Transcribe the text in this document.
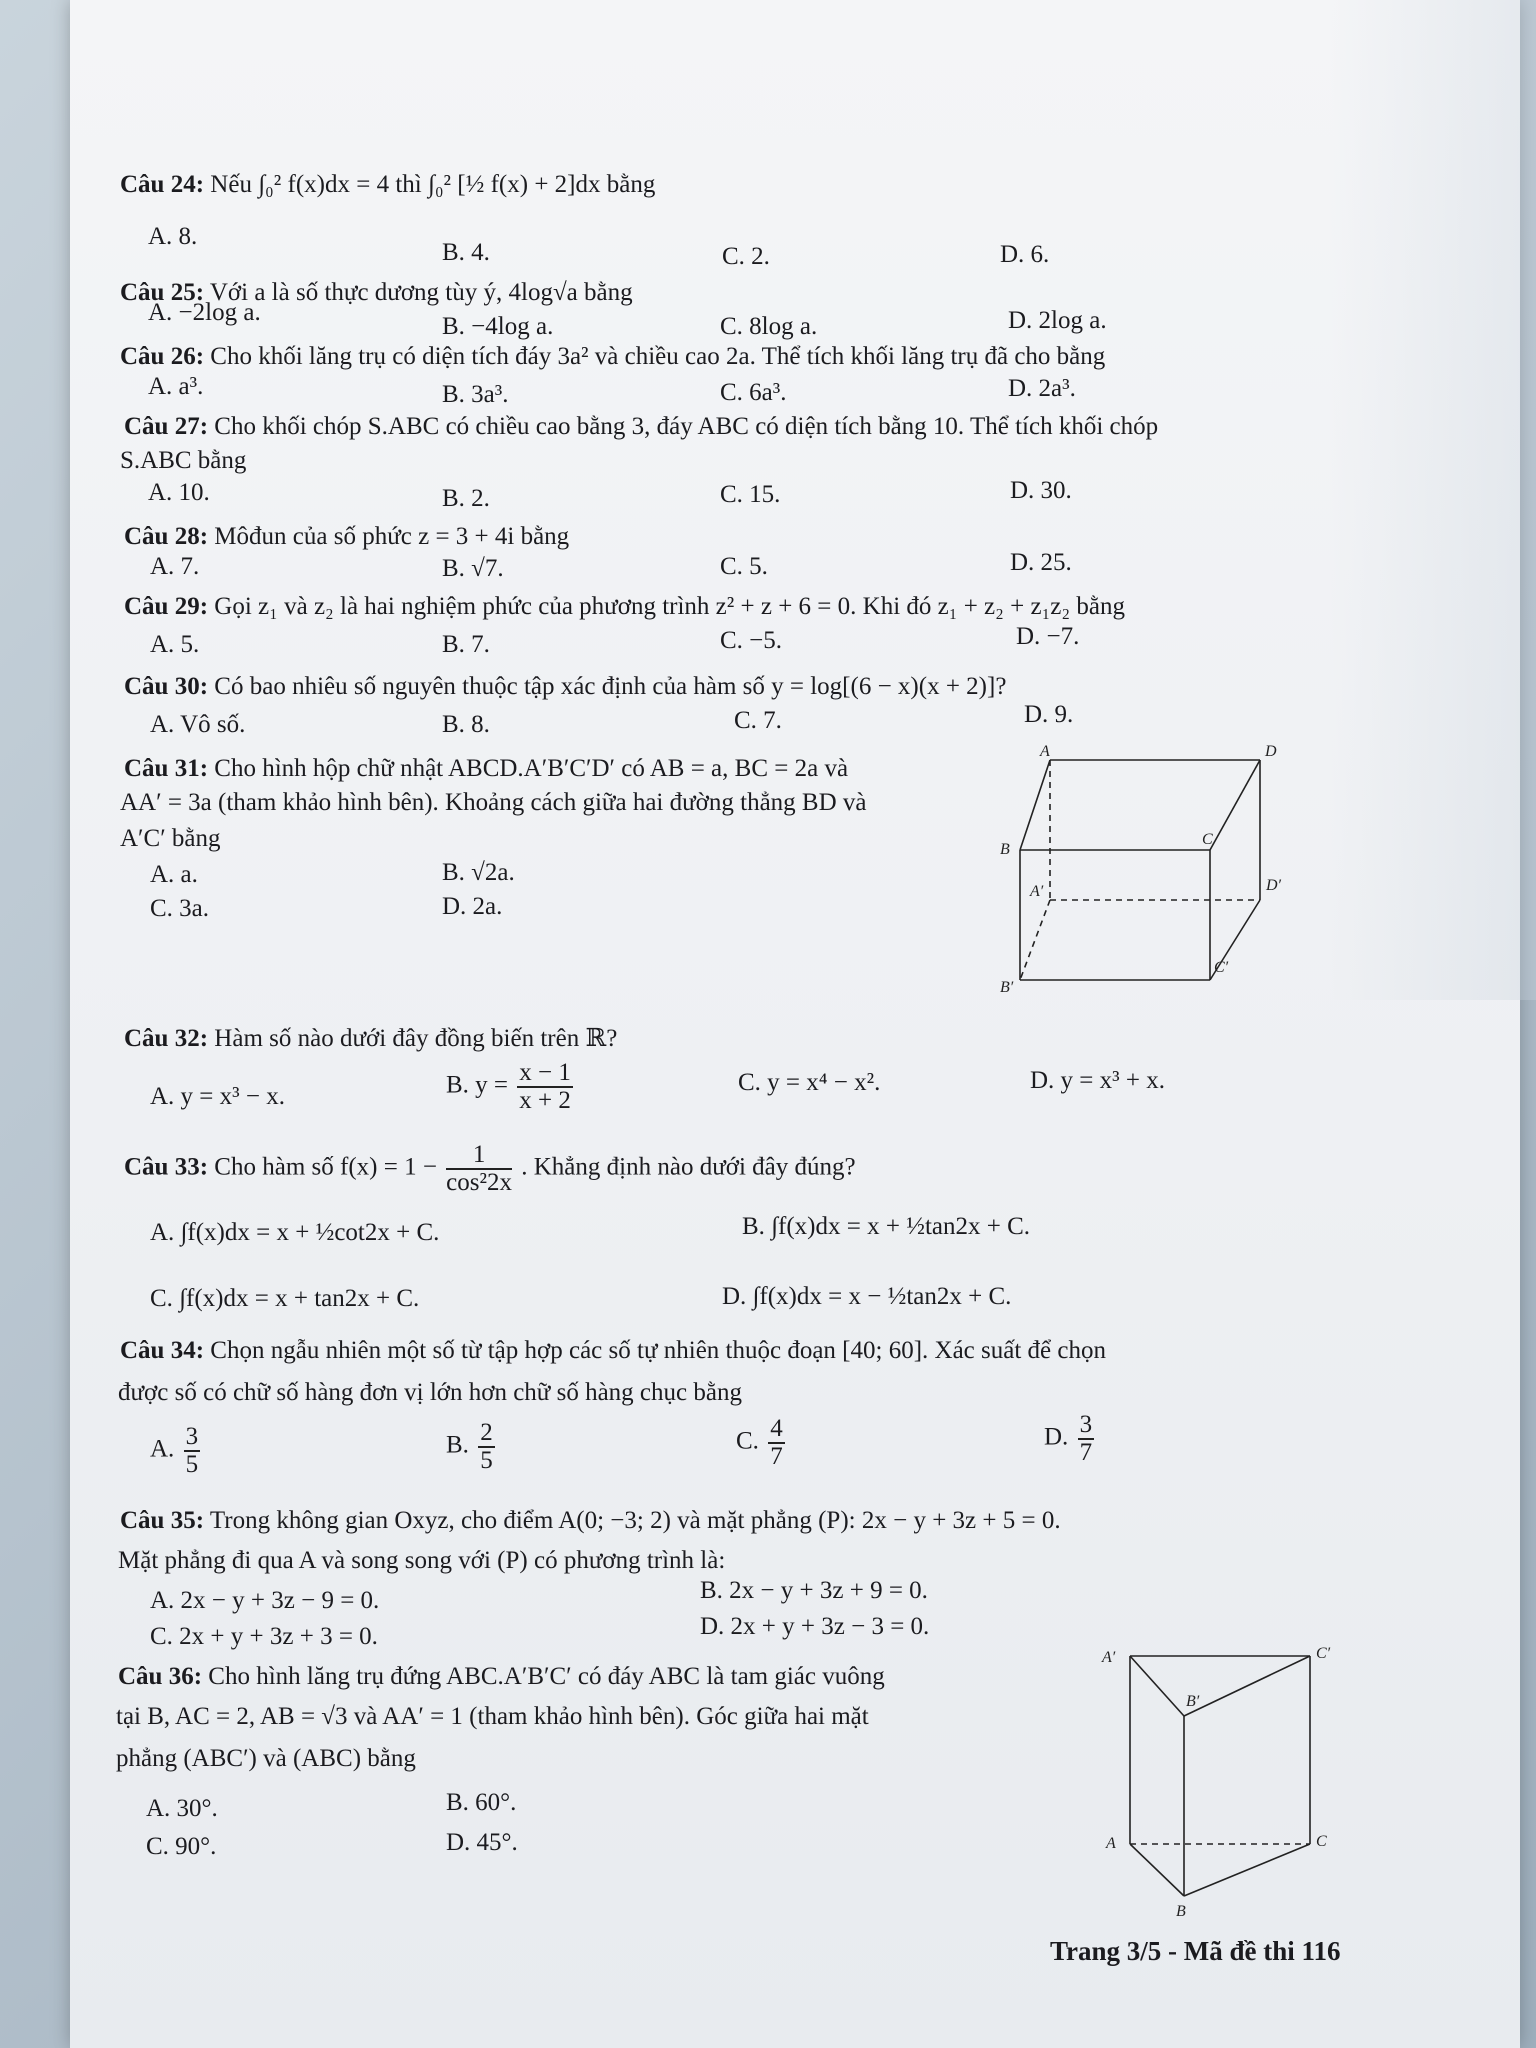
Câu 24: Nếu ∫₀² f(x)dx = 4 thì ∫₀² [½ f(x) + 2]dx bằng
A. 8.
B. 4.	C. 2.	D. 6.
Câu 25: Với a là số thực dương tùy ý, 4log√a bằng
A. −2log a.
B. −4log a.	C. 8log a.	D. 2log a.
Câu 26: Cho khối lăng trụ có diện tích đáy 3a² và chiều cao 2a. Thể tích khối lăng trụ đã cho bằng
A. a³.	B. 3a³.	C. 6a³.	D. 2a³.
Câu 27: Cho khối chóp S.ABC có chiều cao bằng 3, đáy ABC có diện tích bằng 10. Thể tích khối chóp
S.ABC bằng
A. 10.	B. 2.	C. 15.	D. 30.
Câu 28: Môđun của số phức z = 3 + 4i bằng
A. 7.	B. √7.	C. 5.	D. 25.
Câu 29: Gọi z₁ và z₂ là hai nghiệm phức của phương trình z² + z + 6 = 0. Khi đó z₁ + z₂ + z₁z₂ bằng
A. 5.	B. 7.	C. −5.	D. −7.
Câu 30: Có bao nhiêu số nguyên thuộc tập xác định của hàm số y = log[(6 − x)(x + 2)]?
A. Vô số.	B. 8.	C. 7.	D. 9.
Câu 31: Cho hình hộp chữ nhật ABCD.A′B′C′D′ có AB = a, BC = 2a và
AA′ = 3a (tham khảo hình bên). Khoảng cách giữa hai đường thẳng BD và
A′C′ bằng
A. a.	B. √2a.
C. 3a.	D. 2a.
A	D
B
C
A′	D′
B′
C′
Câu 32: Hàm số nào dưới đây đồng biến trên ℝ?
A. y = x³ − x.	B. $y = \frac{x - 1}{x + 2}$	C. y = x⁴ − x².	D. y = x³ + x.
Câu 33: Cho hàm số $f(x) = 1 - \frac{1}{\text{cos²2x}}$ . Khẳng định nào dưới đây đúng?
A. ∫f(x)dx = x + ½cot2x + C.	B. ∫f(x)dx = x + ½tan2x + C.
C. ∫f(x)dx = x + tan2x + C.	D. ∫f(x)dx = x − ½tan2x + C.
Câu 34: Chọn ngẫu nhiên một số từ tập hợp các số tự nhiên thuộc đoạn [40; 60]. Xác suất để chọn
được số có chữ số hàng đơn vị lớn hơn chữ số hàng chục bằng
A. $\frac{3}{5}$	B. $\frac{2}{5}$	C. $\frac{4}{7}$	D. $\frac{3}{7}$
Câu 35: Trong không gian Oxyz, cho điểm A(0; −3; 2) và mặt phẳng (P): 2x − y + 3z + 5 = 0.
Mặt phẳng đi qua A và song song với (P) có phương trình là:
A. 2x − y + 3z − 9 = 0.	B. 2x − y + 3z + 9 = 0.
C. 2x + y + 3z + 3 = 0.	D. 2x + y + 3z − 3 = 0.
Câu 36: Cho hình lăng trụ đứng ABC.A′B′C′ có đáy ABC là tam giác vuông
tại B, AC = 2, AB = √3 và AA′ = 1 (tham khảo hình bên). Góc giữa hai mặt
phẳng (ABC′) và (ABC) bằng
A. 30°.	B. 60°.
C. 90°.	D. 45°.
A′	C′
B′
A	C
B
Trang 3/5 - Mã đề thi 116
